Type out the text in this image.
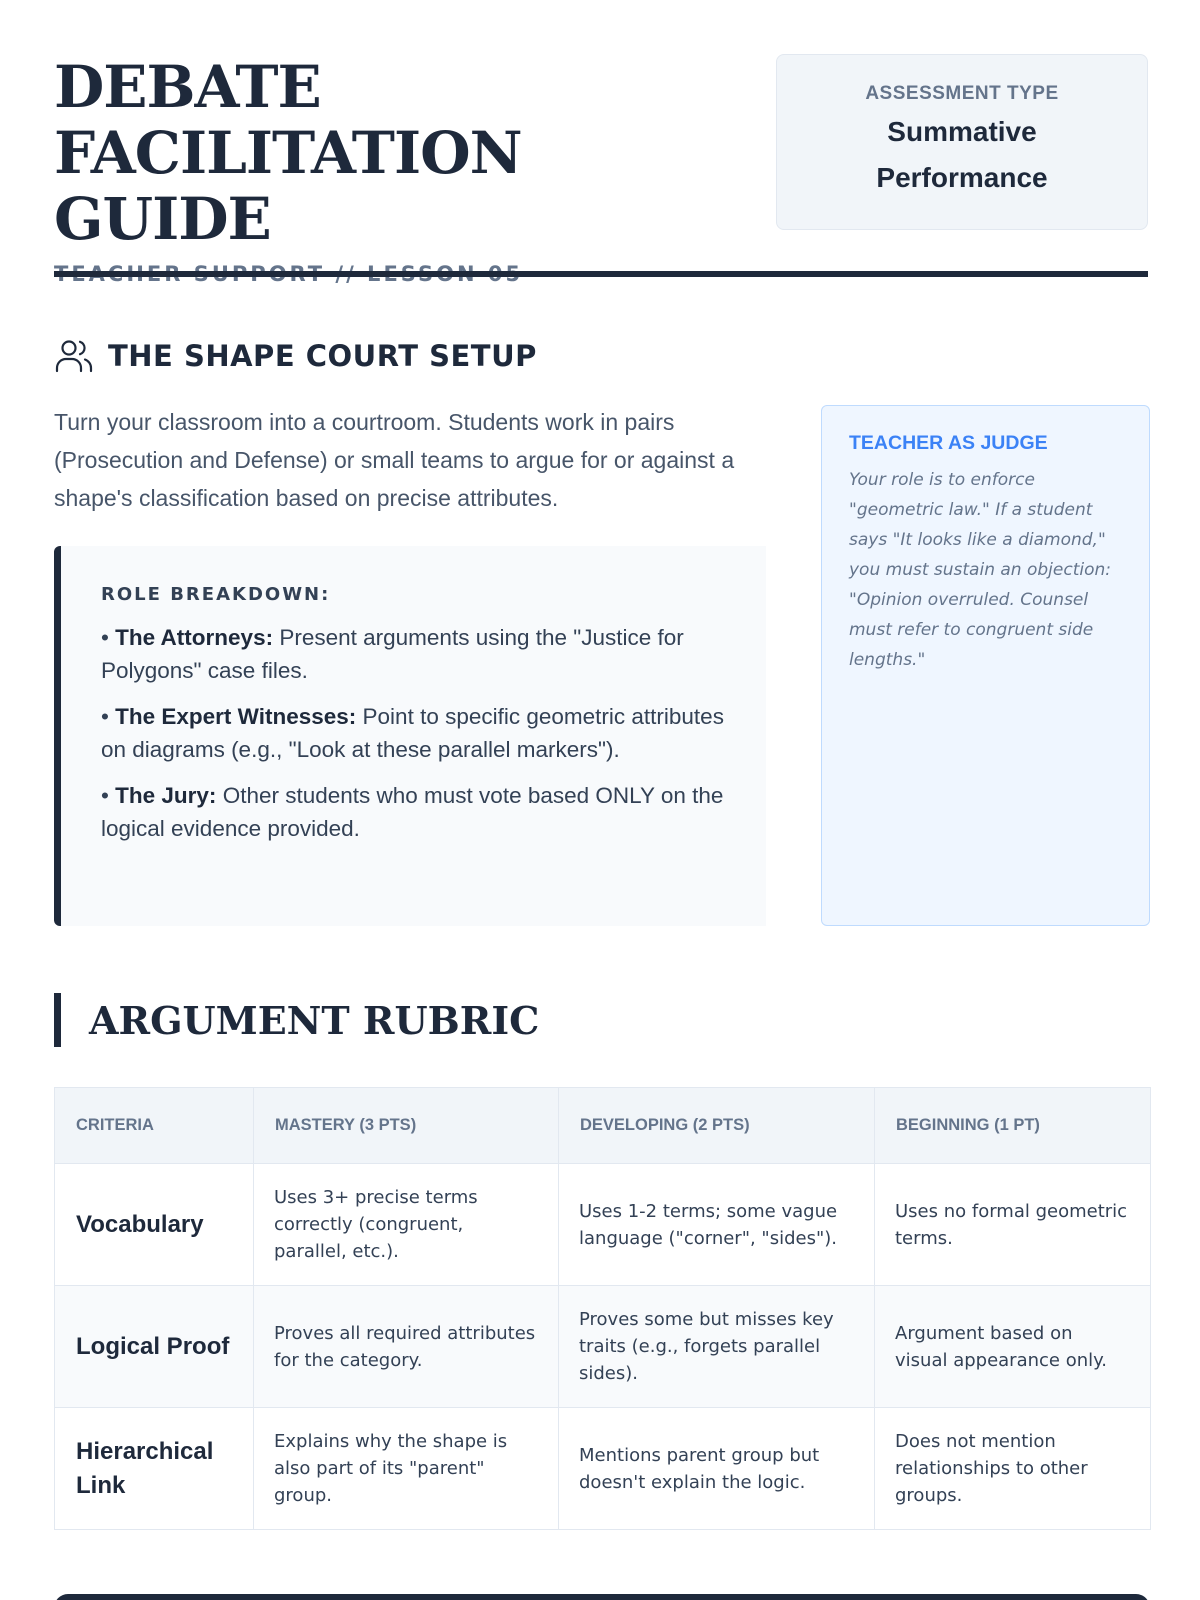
DEBATE FACILITATION GUIDE
ASSESSMENT TYPE
Summative
Performance
THE SHAPE COURT SETUP

Turn your classroom into a courtroom. Students work in pairs (Prosecution and Defense) or small teams to argue for or against a shape's classification based on precise attributes.

ROLE BREAKDOWN:
• The Attorneys: Present arguments using the "Justice for Polygons" case files.
• The Expert Witnesses: Point to specific geometric attributes on diagrams (e.g., "Look at these parallel markers").
• The Jury: Other students who must vote based ONLY on the logical evidence provided.
TEACHER AS JUDGE

Your role is to enforce "geometric law." If a student says "It looks like a diamond," you must sustain an objection: "Opinion overruled. Counsel must refer to congruent side lengths."

ARGUMENT RUBRIC
CRITERIA	MASTERY (3 PTS)	DEVELOPING (2 PTS)	BEGINNING (1 PT)
Vocabulary	Uses 3+ precise terms correctly (congruent, parallel, etc.).	Uses 1-2 terms; some vague language ("corner", "sides").	Uses no formal geometric terms.
Logical Proof	Proves all required attributes for the category.	Proves some but misses key traits (e.g., forgets parallel sides).	Argument based on visual appearance only.
Hierarchical Link	Explains why the shape is also part of its "parent" group.	Mentions parent group but doesn't explain the logic.	Does not mention relationships to other groups.
